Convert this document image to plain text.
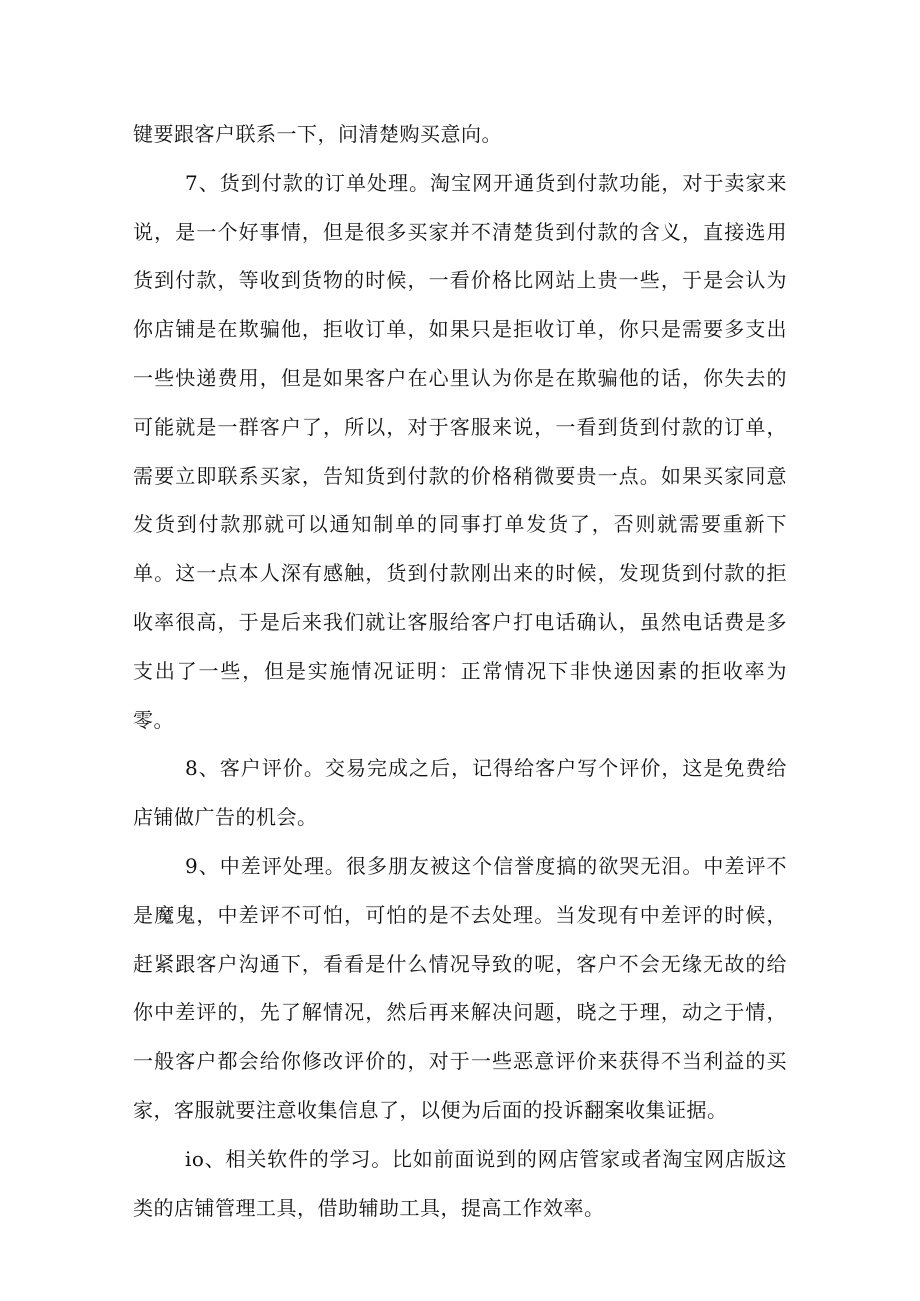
键要跟客户联系一下，问清楚购买意向。

7、货到付款的订单处理。淘宝网开通货到付款功能，对于卖家来说，是一个好事情，但是很多买家并不清楚货到付款的含义，直接选用货到付款，等收到货物的时候，一看价格比网站上贵一些，于是会认为你店铺是在欺骗他，拒收订单，如果只是拒收订单，你只是需要多支出一些快递费用，但是如果客户在心里认为你是在欺骗他的话，你失去的可能就是一群客户了，所以，对于客服来说，一看到货到付款的订单，需要立即联系买家，告知货到付款的价格稍微要贵一点。如果买家同意发货到付款那就可以通知制单的同事打单发货了，否则就需要重新下单。这一点本人深有感触，货到付款刚出来的时候，发现货到付款的拒收率很高，于是后来我们就让客服给客户打电话确认，虽然电话费是多支出了一些，但是实施情况证明：正常情况下非快递因素的拒收率为零。

8、客户评价。交易完成之后，记得给客户写个评价，这是免费给店铺做广告的机会。

9、中差评处理。很多朋友被这个信誉度搞的欲哭无泪。中差评不是魔鬼，中差评不可怕，可怕的是不去处理。当发现有中差评的时候，赶紧跟客户沟通下，看看是什么情况导致的呢，客户不会无缘无故的给你中差评的，先了解情况，然后再来解决问题，晓之于理，动之于情，一般客户都会给你修改评价的，对于一些恶意评价来获得不当利益的买家，客服就要注意收集信息了，以便为后面的投诉翻案收集证据。

io、相关软件的学习。比如前面说到的网店管家或者淘宝网店版这类的店铺管理工具，借助辅助工具，提高工作效率。
